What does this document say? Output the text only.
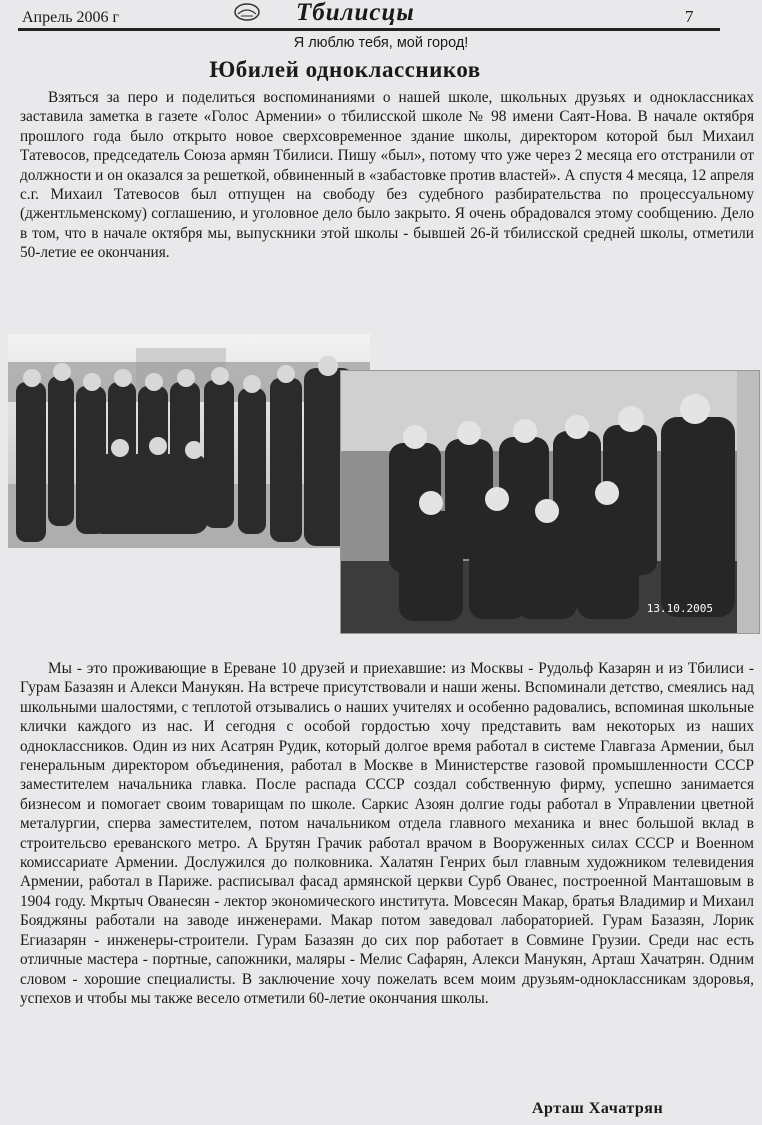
Апрель 2006 г	Тбилисцы	7
Я люблю тебя, мой город!
Юбилей одноклассников

Взяться за перо и поделиться воспоминаниями о нашей школе, школьных друзьях и одноклассниках заставила заметка в газете «Голос Армении» о тбилисской школе № 98 имени Саят-Нова. В начале октября прошлого года было открыто новое сверхсовременное здание школы, директором которой был Михаил Татевосов, председатель Союза армян Тбилиси. Пишу «был», потому что уже через 2 месяца его отстранили от должности и он оказался за решеткой, обвиненный в «забастовке против властей». А спустя 4 месяца, 12 апреля с.г. Михаил Татевосов был отпущен на свободу без судебного разбирательства по процессуальному (джентльменскому) соглашению, и уголовное дело было закрыто. Я очень обрадовался этому сообщению. Дело в том, что в начале октября мы, выпускники этой школы - бывшей 26-й тбилисской средней школы, отметили 50-летие ее окончания.

13.10.2005

Мы - это проживающие в Ереване 10 друзей и приехавшие: из Москвы - Рудольф Казарян и из Тбилиси - Гурам Базазян и Алекси Манукян. На встрече присутствовали и наши жены. Вспоминали детство, смеялись над школьными шалостями, с теплотой отзывались о наших учителях и особенно радовались, вспоминая школьные клички каждого из нас. И сегодня с особой гордостью хочу представить вам некоторых из наших одноклассников. Один из них Асатрян Рудик, который долгое время работал в системе Главгаза Армении, был генеральным директором объединения, работал в Москве в Министерстве газовой промышленности СССР заместителем начальника главка. После распада СССР создал собственную фирму, успешно занимается бизнесом и помогает своим товарищам по школе. Саркис Азоян долгие годы работал в Управлении цветной металургии, сперва заместителем, потом начальником отдела главного механика и внес большой вклад в строительсво ереванского метро. А Брутян Грачик работал врачом в Вооруженных силах СССР и Военном комиссариате Армении. Дослужился до полковника. Халатян Генрих был главным художником телевидения Армении, работал в Париже. расписывал фасад армянской церкви Сурб Ованес, построенной Манташовым в 1904 году. Мкртыч Ованесян - лектор экономического института. Мовсесян Макар, братья Владимир и Михаил Бояджяны работали на заводе инженерами. Макар потом заведовал лабораторией. Гурам Базазян, Лорик Егиазарян - инженеры-строители. Гурам Базазян до сих пор работает в Совмине Грузии. Среди нас есть отличные мастера - портные, сапожники, маляры - Мелис Сафарян, Алекси Манукян, Арташ Хачатрян. Одним словом - хорошие специалисты. В заключение хочу пожелать всем моим друзьям-одноклассникам здоровья, успехов и чтобы мы также весело отметили 60-летие окончания школы.

Арташ Хачатрян
